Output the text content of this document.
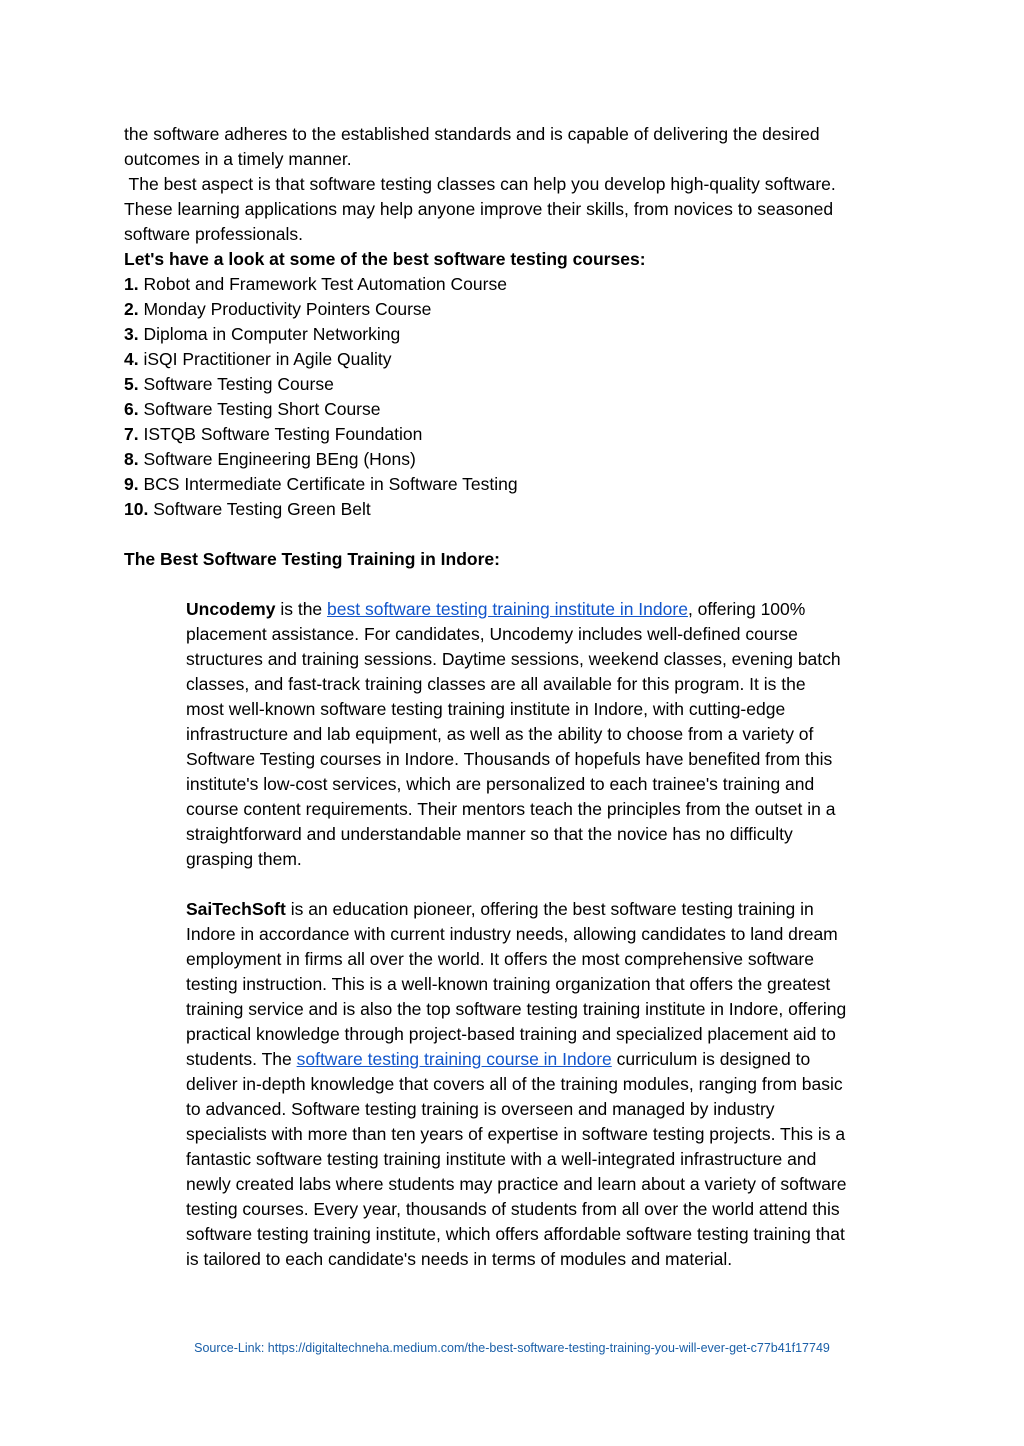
the software adheres to the established standards and is capable of delivering the desired
outcomes in a timely manner.
The best aspect is that software testing classes can help you develop high-quality software.
These learning applications may help anyone improve their skills, from novices to seasoned
software professionals.
Let's have a look at some of the best software testing courses:
1. Robot and Framework Test Automation Course
2. Monday Productivity Pointers Course
3. Diploma in Computer Networking
4. iSQI Practitioner in Agile Quality
5. Software Testing Course
6. Software Testing Short Course
7. ISTQB Software Testing Foundation
8. Software Engineering BEng (Hons)
9. BCS Intermediate Certificate in Software Testing
10. Software Testing Green Belt
The Best Software Testing Training in Indore:
Uncodemy is the best software testing training institute in Indore, offering 100%
placement assistance. For candidates, Uncodemy includes well-defined course
structures and training sessions. Daytime sessions, weekend classes, evening batch
classes, and fast-track training classes are all available for this program. It is the
most well-known software testing training institute in Indore, with cutting-edge
infrastructure and lab equipment, as well as the ability to choose from a variety of
Software Testing courses in Indore. Thousands of hopefuls have benefited from this
institute's low-cost services, which are personalized to each trainee's training and
course content requirements. Their mentors teach the principles from the outset in a
straightforward and understandable manner so that the novice has no difficulty
grasping them.
SaiTechSoft is an education pioneer, offering the best software testing training in
Indore in accordance with current industry needs, allowing candidates to land dream
employment in firms all over the world. It offers the most comprehensive software
testing instruction. This is a well-known training organization that offers the greatest
training service and is also the top software testing training institute in Indore, offering
practical knowledge through project-based training and specialized placement aid to
students. The software testing training course in Indore curriculum is designed to
deliver in-depth knowledge that covers all of the training modules, ranging from basic
to advanced. Software testing training is overseen and managed by industry
specialists with more than ten years of expertise in software testing projects. This is a
fantastic software testing training institute with a well-integrated infrastructure and
newly created labs where students may practice and learn about a variety of software
testing courses. Every year, thousands of students from all over the world attend this
software testing training institute, which offers affordable software testing training that
is tailored to each candidate's needs in terms of modules and material.
Source-Link: https://digitaltechneha.medium.com/the-best-software-testing-training-you-will-ever-get-c77b41f17749
